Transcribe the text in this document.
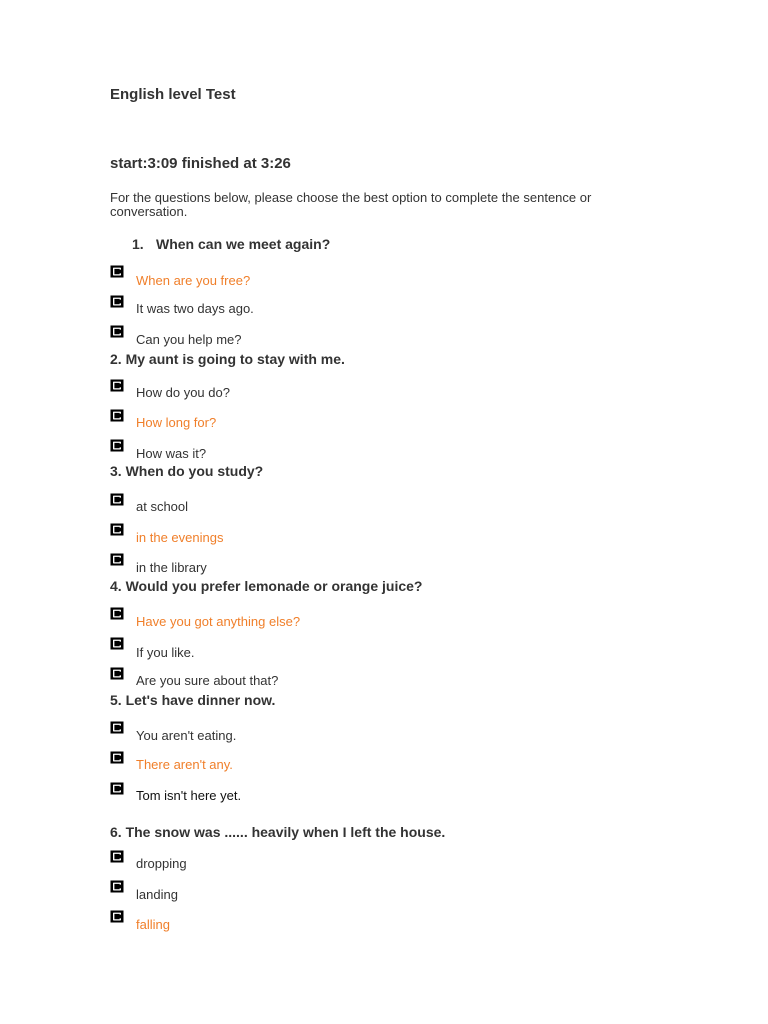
English level Test
start:3:09 finished at 3:26
For the questions below, please choose the best option to complete the sentence or conversation.
1. When can we meet again?
When are you free?
It was two days ago.
Can you help me?
2. My aunt is going to stay with me.
How do you do?
How long for?
How was it?
3. When do you study?
at school
in the evenings
in the library
4. Would you prefer lemonade or orange juice?
Have you got anything else?
If you like.
Are you sure about that?
5. Let's have dinner now.
You aren't eating.
There aren't any.
Tom isn't here yet.
6. The snow was ...... heavily when I left the house.
dropping
landing
falling
